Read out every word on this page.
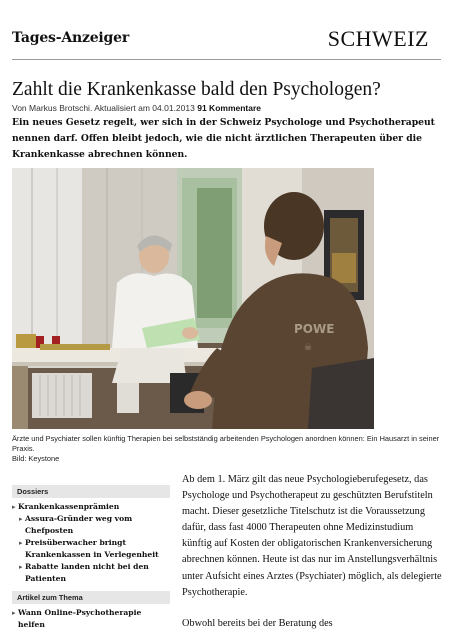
Tages-Anzeiger	SCHWEIZ
Zahlt die Krankenkasse bald den Psychologen?
Von Markus Brotschi. Aktualisiert am 04.01.2013 91 Kommentare

Ein neues Gesetz regelt, wer sich in der Schweiz Psychologe und Psychotherapeut nennen darf. Offen bleibt jedoch, wie die nicht ärztlichen Therapeuten über die Krankenkasse abrechnen können.

POWE
☠
Ärzte und Psychiater sollen künftig Therapien bei selbstständig arbeitenden Psychologen anordnen können: Ein Hausarzt in seiner Praxis.
Bild: Keystone
Dossiers
▸ Krankenkassenprämien
▸ Assura-Gründer weg vom Chefposten
▸ Preisüberwacher bringt Krankenkassen in Verlegenheit
▸ Rabatte landen nicht bei den Patienten
Artikel zum Thema
▸ Wann Online-Psychotherapie helfen

Ab dem 1. März gilt das neue Psychologieberufegesetz, das Psychologe und Psychotherapeut zu geschützten Berufstiteln macht. Dieser gesetzliche Titelschutz ist die Voraussetzung dafür, dass fast 4000 Therapeuten ohne Medizinstudium künftig auf Kosten der obligatorischen Krankenversicherung abrechnen können. Heute ist das nur im Anstellungsverhältnis unter Aufsicht eines Arztes (Psychiater) möglich, als delegierte Psychotherapie.

Obwohl bereits bei der Beratung des
